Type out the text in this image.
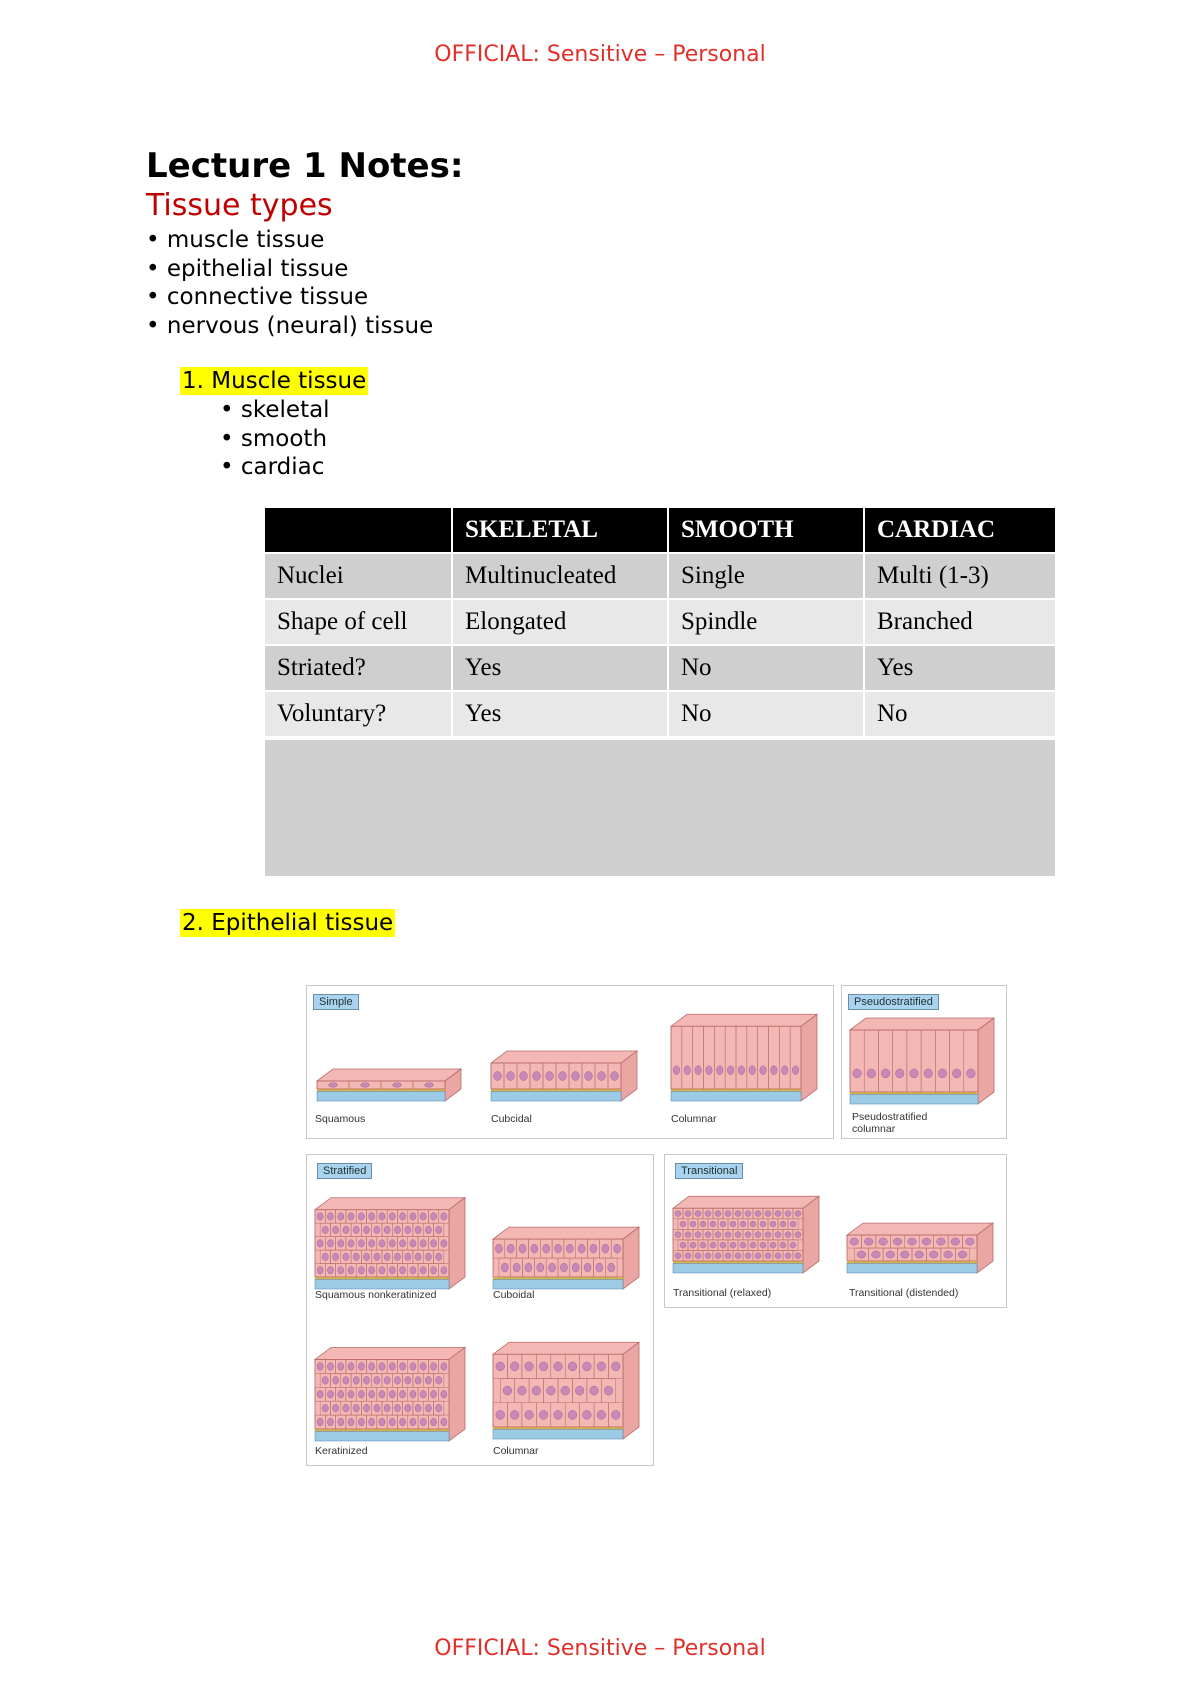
OFFICIAL: Sensitive – Personal
Lecture 1 Notes:
Tissue types
• muscle tissue
• epithelial tissue
• connective tissue
• nervous (neural) tissue
1. Muscle tissue
• skeletal
• smooth
• cardiac
	SKELETAL	SMOOTH	CARDIAC
Nuclei	Multinucleated	Single	Multi (1-3)
Shape of cell	Elongated	Spindle	Branched
Striated?	Yes	No	Yes
Voluntary?	Yes	No	No
2. Epithelial tissue
Simple
Squamous	Cubcidal	Columnar
Pseudostratified
Pseudostratified columnar
Stratified
Squamous nonkeratinized	Cuboidal
Keratinized	Columnar
Transitional
Transitional (relaxed)	Transitional (distended)
OFFICIAL: Sensitive – Personal
